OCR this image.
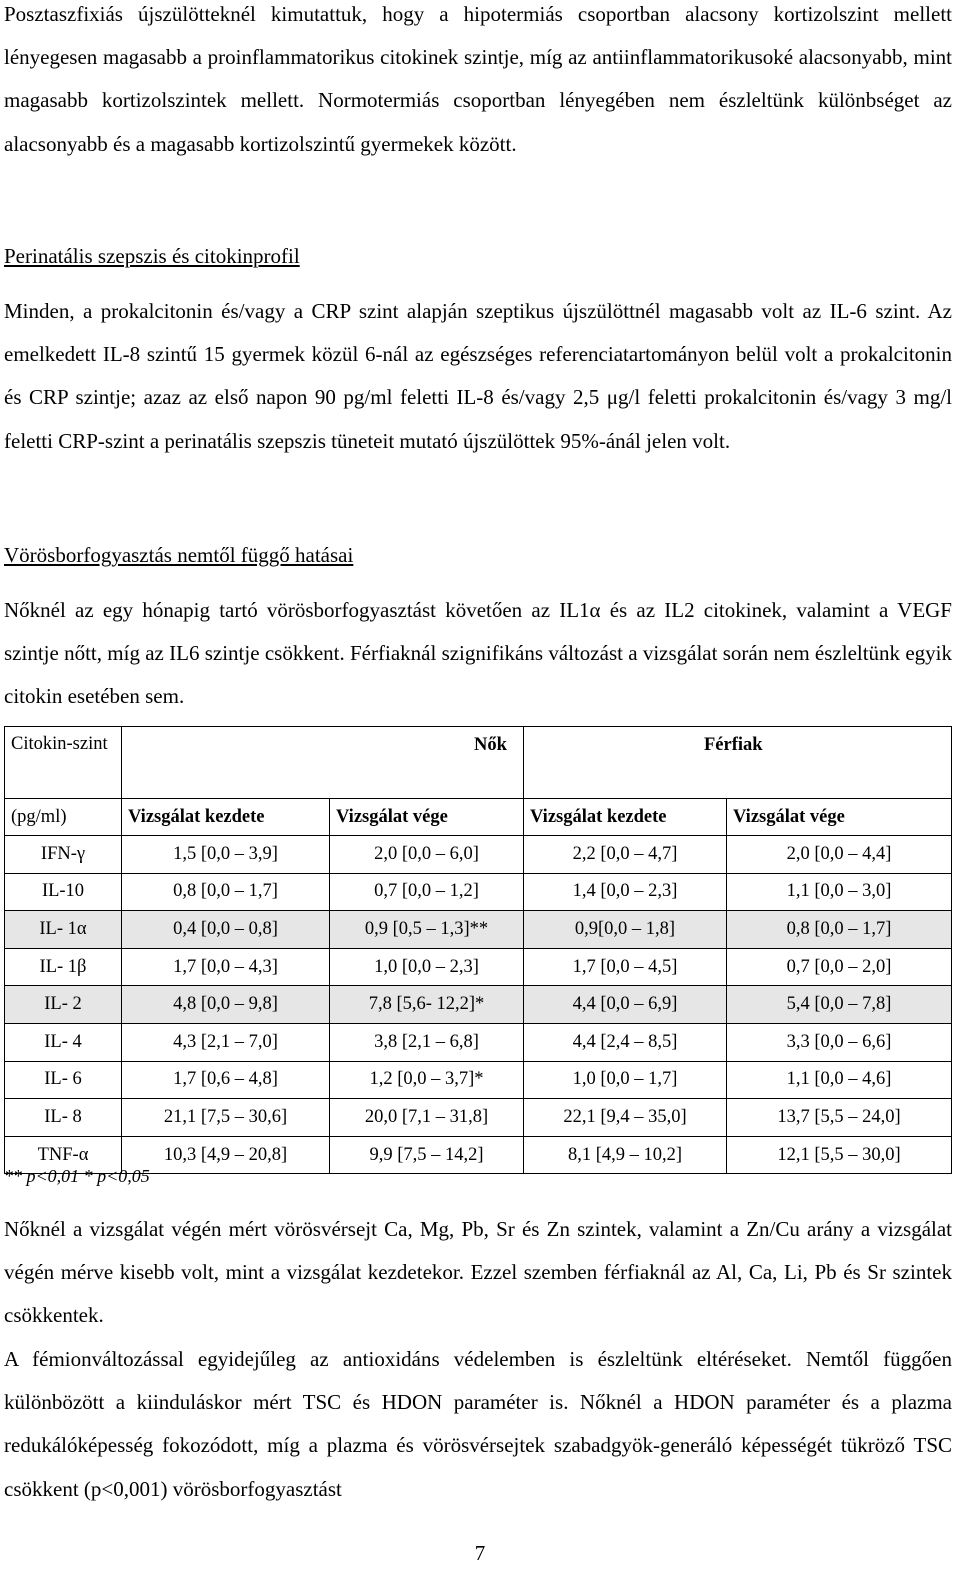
Posztaszfixiás újszülötteknél kimutattuk, hogy a hipotermiás csoportban alacsony kortizolszint mellett lényegesen magasabb a proinflammatorikus citokinek szintje, míg az antiinflammatorikusoké alacsonyabb, mint magasabb kortizolszintek mellett. Normotermiás csoportban lényegében nem észleltünk különbséget az alacsonyabb és a magasabb kortizolszintű gyermekek között.

Perinatális szepszis és citokinprofil

Minden, a prokalcitonin és/vagy a CRP szint alapján szeptikus újszülöttnél magasabb volt az IL-6 szint. Az emelkedett IL-8 szintű 15 gyermek közül 6-nál az egészséges referenciatartományon belül volt a prokalcitonin és CRP szintje; azaz az első napon 90 pg/ml feletti IL-8 és/vagy 2,5 μg/l feletti prokalcitonin és/vagy 3 mg/l feletti CRP-szint a perinatális szepszis tüneteit mutató újszülöttek 95%-ánál jelen volt.

Vörösborfogyasztás nemtől függő hatásai

Nőknél az egy hónapig tartó vörösborfogyasztást követően az IL1α és az IL2 citokinek, valamint a VEGF szintje nőtt, míg az IL6 szintje csökkent. Férfiaknál szignifikáns változást a vizsgálat során nem észleltünk egyik citokin esetében sem.

Citokin-szint	Nők		Férfiak	
(pg/ml)	Vizsgálat kezdete	Vizsgálat vége	Vizsgálat kezdete	Vizsgálat vége
IFN-γ	1,5 [0,0 – 3,9]	2,0 [0,0 – 6,0]	2,2 [0,0 – 4,7]	2,0 [0,0 – 4,4]
IL-10	0,8 [0,0 – 1,7]	0,7 [0,0 – 1,2]	1,4 [0,0 – 2,3]	1,1 [0,0 – 3,0]
IL- 1α	0,4 [0,0 – 0,8]	0,9 [0,5 – 1,3]**	0,9[0,0 – 1,8]	0,8 [0,0 – 1,7]
IL- 1β	1,7 [0,0 – 4,3]	1,0 [0,0 – 2,3]	1,7 [0,0 – 4,5]	0,7 [0,0 – 2,0]
IL- 2	4,8 [0,0 – 9,8]	7,8 [5,6- 12,2]*	4,4 [0,0 – 6,9]	5,4 [0,0 – 7,8]
IL- 4	4,3 [2,1 – 7,0]	3,8 [2,1 – 6,8]	4,4 [2,4 – 8,5]	3,3 [0,0 – 6,6]
IL- 6	1,7 [0,6 – 4,8]	1,2 [0,0 – 3,7]*	1,0 [0,0 – 1,7]	1,1 [0,0 – 4,6]
IL- 8	21,1 [7,5 – 30,6]	20,0 [7,1 – 31,8]	22,1 [9,4 – 35,0]	13,7 [5,5 – 24,0]
TNF-α	10,3 [4,9 – 20,8]	9,9 [7,5 – 14,2]	8,1 [4,9 – 10,2]	12,1 [5,5 – 30,0]

** p<0,01 * p<0,05

Nőknél a vizsgálat végén mért vörösvérsejt Ca, Mg, Pb, Sr és Zn szintek, valamint a Zn/Cu arány a vizsgálat végén mérve kisebb volt, mint a vizsgálat kezdetekor. Ezzel szemben férfiaknál az Al, Ca, Li, Pb és Sr szintek csökkentek.

A fémionváltozással egyidejűleg az antioxidáns védelemben is észleltünk eltéréseket. Nemtől függően különbözött a kiinduláskor mért TSC és HDON paraméter is. Nőknél a HDON paraméter és a plazma redukálóképesség fokozódott, míg a plazma és vörösvérsejtek szabadgyök-generáló képességét tükröző TSC csökkent (p<0,001) vörösborfogyasztást

7
